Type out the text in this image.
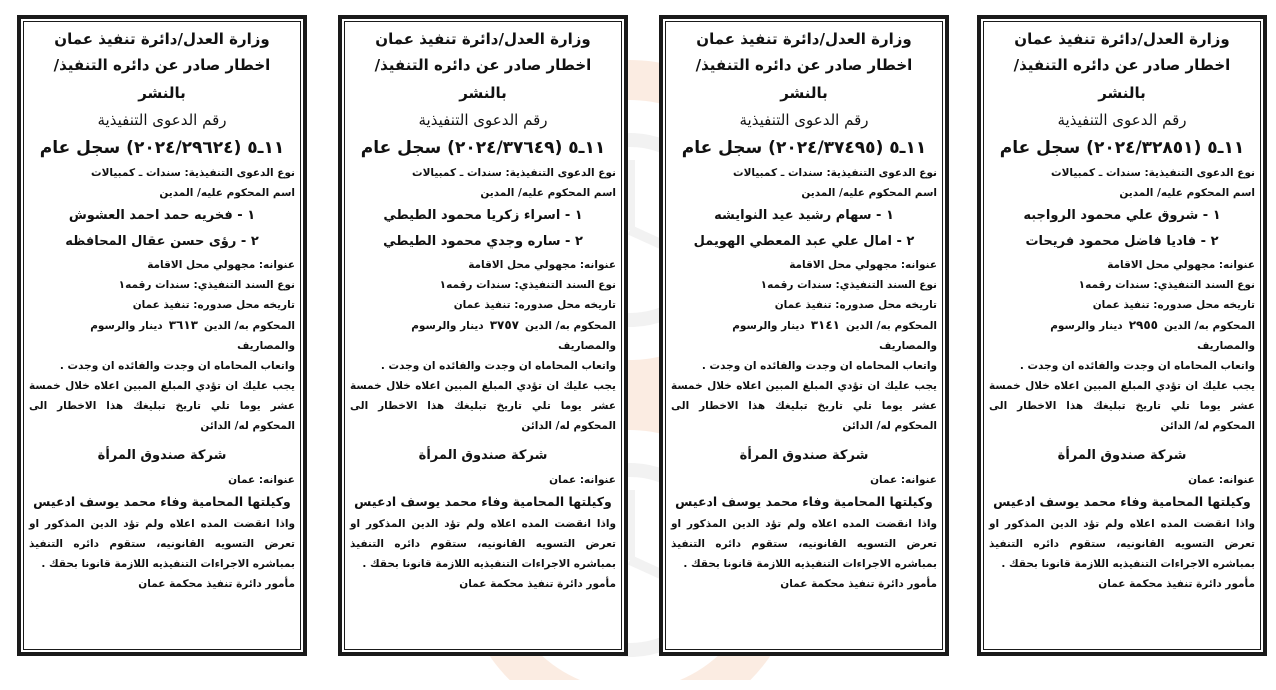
وزارة العدل/دائرة تنفيذ عمان
اخطار صادر عن دائره التنفيذ/ بالنشر
رقم الدعوى التنفيذية
١١ـ٥ (٢٠٢٤/٣٢٨٥١) سجل عام
نوع الدعوى التنفيذية: سندات ـ كمبيالات
اسم المحكوم عليه/ المدين
١ - شروق علي محمود الرواجبه
٢ - فاديا فاضل محمود فريحات
عنوانه: مجهولي محل الاقامة
نوع السند التنفيذي: سندات رقمه١
تاريخه محل صدوره: تنفيذ عمان
المحكوم به/ الدين٢٩٥٥دينار والرسوم والمصاريف
واتعاب المحاماه ان وجدت والفائده ان وجدت .
يجب عليك ان تؤدي المبلغ المبين اعلاه خلال خمسة عشر يوما تلي تاريخ تبليغك هذا الاخطار الى المحكوم له/ الدائن
شركة صندوق المرأة
عنوانه: عمان
وكيلتها المحامية وفاء محمد يوسف ادعيس
واذا انقضت المده اعلاه ولم تؤد الدين المذكور او تعرض التسويه القانونيه، ستقوم دائره التنفيذ بمباشره الاجراءات التنفيذيه اللازمة قانونا بحقك .
مأمور دائرة تنفيذ محكمة عمان
وزارة العدل/دائرة تنفيذ عمان
اخطار صادر عن دائره التنفيذ/ بالنشر
رقم الدعوى التنفيذية
١١ـ٥ (٢٠٢٤/٣٧٤٩٥) سجل عام
نوع الدعوى التنفيذية: سندات ـ كمبيالات
اسم المحكوم عليه/ المدين
١ - سهام رشيد عيد النوايشه
٢ - امال علي عبد المعطي الهويمل
عنوانه: مجهولي محل الاقامة
نوع السند التنفيذي: سندات رقمه١
تاريخه محل صدوره: تنفيذ عمان
المحكوم به/ الدين٣١٤١دينار والرسوم والمصاريف
واتعاب المحاماه ان وجدت والفائده ان وجدت .
يجب عليك ان تؤدي المبلغ المبين اعلاه خلال خمسة عشر يوما تلي تاريخ تبليغك هذا الاخطار الى المحكوم له/ الدائن
شركة صندوق المرأة
عنوانه: عمان
وكيلتها المحامية وفاء محمد يوسف ادعيس
واذا انقضت المده اعلاه ولم تؤد الدين المذكور او تعرض التسويه القانونيه، ستقوم دائره التنفيذ بمباشره الاجراءات التنفيذيه اللازمة قانونا بحقك .
مأمور دائرة تنفيذ محكمة عمان
وزارة العدل/دائرة تنفيذ عمان
اخطار صادر عن دائره التنفيذ/ بالنشر
رقم الدعوى التنفيذية
١١ـ٥ (٢٠٢٤/٣٧٦٤٩) سجل عام
نوع الدعوى التنفيذية: سندات ـ كمبيالات
اسم المحكوم عليه/ المدين
١ - اسراء زكريا محمود الطيطي
٢ - ساره وجدي محمود الطيطي
عنوانه: مجهولي محل الاقامة
نوع السند التنفيذي: سندات رقمه١
تاريخه محل صدوره: تنفيذ عمان
المحكوم به/ الدين٣٧٥٧دينار والرسوم والمصاريف
واتعاب المحاماه ان وجدت والفائده ان وجدت .
يجب عليك ان تؤدي المبلغ المبين اعلاه خلال خمسة عشر يوما تلي تاريخ تبليغك هذا الاخطار الى المحكوم له/ الدائن
شركة صندوق المرأة
عنوانه: عمان
وكيلتها المحامية وفاء محمد يوسف ادعيس
واذا انقضت المده اعلاه ولم تؤد الدين المذكور او تعرض التسويه القانونيه، ستقوم دائره التنفيذ بمباشره الاجراءات التنفيذيه اللازمة قانونا بحقك .
مأمور دائرة تنفيذ محكمة عمان
وزارة العدل/دائرة تنفيذ عمان
اخطار صادر عن دائره التنفيذ/ بالنشر
رقم الدعوى التنفيذية
١١ـ٥ (٢٠٢٤/٢٩٦٢٤) سجل عام
نوع الدعوى التنفيذية: سندات ـ كمبيالات
اسم المحكوم عليه/ المدين
١ - فخريه حمد احمد العشوش
٢ - رؤى حسن عقال المحافظه
عنوانه: مجهولي محل الاقامة
نوع السند التنفيذي: سندات رقمه١
تاريخه محل صدوره: تنفيذ عمان
المحكوم به/ الدين٣٦١٣دينار والرسوم والمصاريف
واتعاب المحاماه ان وجدت والفائده ان وجدت .
يجب عليك ان تؤدي المبلغ المبين اعلاه خلال خمسة عشر يوما تلي تاريخ تبليغك هذا الاخطار الى المحكوم له/ الدائن
شركة صندوق المرأة
عنوانه: عمان
وكيلتها المحامية وفاء محمد يوسف ادعيس
واذا انقضت المده اعلاه ولم تؤد الدين المذكور او تعرض التسويه القانونيه، ستقوم دائره التنفيذ بمباشره الاجراءات التنفيذيه اللازمة قانونا بحقك .
مأمور دائرة تنفيذ محكمة عمان
